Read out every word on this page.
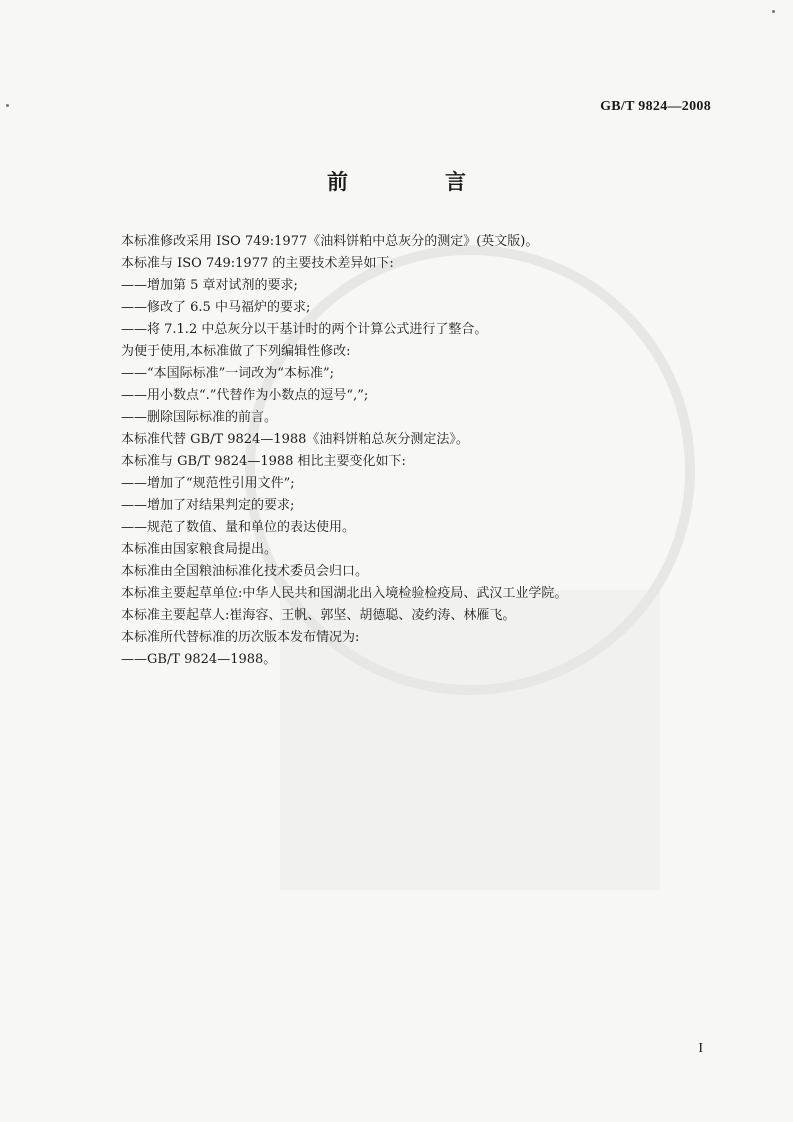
GB/T 9824—2008
前　言
本标准修改采用 ISO 749:1977《油料饼粕中总灰分的测定》(英文版)。
本标准与 ISO 749:1977 的主要技术差异如下:
——增加第 5 章对试剂的要求;
——修改了 6.5 中马福炉的要求;
——将 7.1.2 中总灰分以干基计时的两个计算公式进行了整合。
为便于使用,本标准做了下列编辑性修改:
——“本国际标准”一词改为“本标准”;
——用小数点“.”代替作为小数点的逗号“,”;
——删除国际标准的前言。
本标准代替 GB/T 9824—1988《油料饼粕总灰分测定法》。
本标准与 GB/T 9824—1988 相比主要变化如下:
——增加了“规范性引用文件”;
——增加了对结果判定的要求;
——规范了数值、量和单位的表达使用。
本标准由国家粮食局提出。
本标准由全国粮油标准化技术委员会归口。
本标准主要起草单位:中华人民共和国湖北出入境检验检疫局、武汉工业学院。
本标准主要起草人:崔海容、王帆、郭坚、胡德聪、凌约涛、林雁飞。
本标准所代替标准的历次版本发布情况为:
——GB/T 9824—1988。
I
